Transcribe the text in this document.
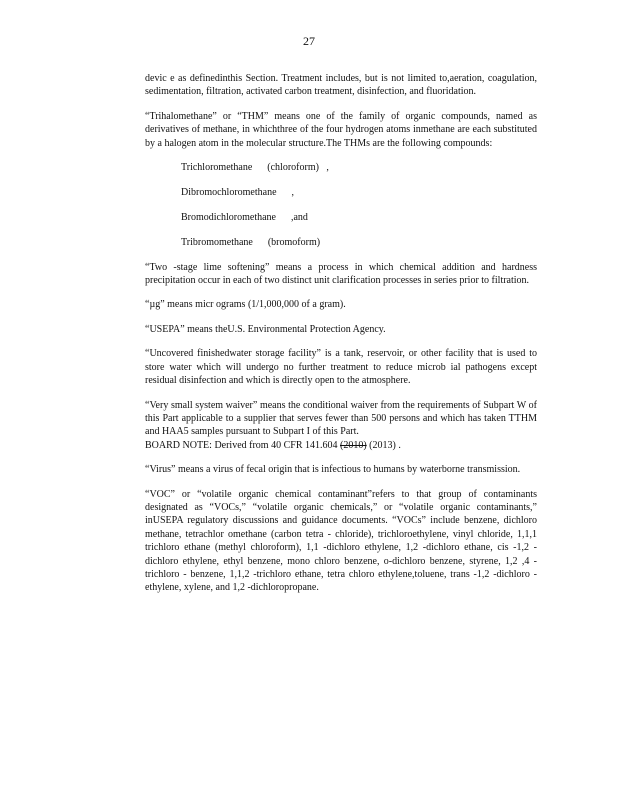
27

devic e as definedinthis Section. Treatment includes, but is not limited to,aeration, coagulation, sedimentation, filtration, activated carbon treatment, disinfection, and fluoridation.

“Trihalomethane” or “THM” means one of the family of organic compounds, named as derivatives of methane, in whichthree of the four hydrogen atoms inmethane are each substituted by a halogen atom in the molecular structure.The THMs are the following compounds:

Trichloromethane      (chloroform)   ,
Dibromochloromethane      ,
Bromodichloromethane      ,and
Tribromomethane      (bromoform)

“Two -stage lime softening” means a process in which chemical addition and hardness precipitation occur in each of two distinct unit clarification processes in series prior to filtration.

“µg” means micr ograms (1/1,000,000 of a gram).

“USEPA” means theU.S. Environmental Protection Agency.

“Uncovered finishedwater storage facility” is a tank, reservoir, or other facility that is used to store water which will undergo no further treatment to reduce microb ial pathogens except residual disinfection and which is directly open to the atmosphere.

“Very small system waiver” means the conditional waiver from the requirements of Subpart W of this Part applicable to a supplier that serves fewer than 500 persons and which has taken TTHM and HAA5 samples pursuant to Subpart I of this Part.

BOARD NOTE: Derived from 40 CFR 141.604 (2010) (2013) .

“Virus” means a virus of fecal origin that is infectious to humans by waterborne transmission.

“VOC” or “volatile organic chemical contaminant”refers to that group of contaminants designated as “VOCs,” “volatile organic chemicals,” or “volatile organic contaminants,” inUSEPA regulatory discussions and guidance documents. “VOCs” include benzene, dichloro methane, tetrachlor omethane (carbon tetra - chloride), trichloroethylene, vinyl chloride, 1,1,1 trichloro ethane (methyl chloroform), 1,1 -dichloro ethylene, 1,2 -dichloro ethane, cis -1,2 -dichloro ethylene, ethyl benzene, mono chloro benzene, o-dichloro benzene, styrene, 1,2 ,4 -trichloro - benzene, 1,1,2 -trichloro ethane, tetra chloro ethylene,toluene, trans -1,2 -dichloro - ethylene, xylene, and 1,2 -dichloropropane.
